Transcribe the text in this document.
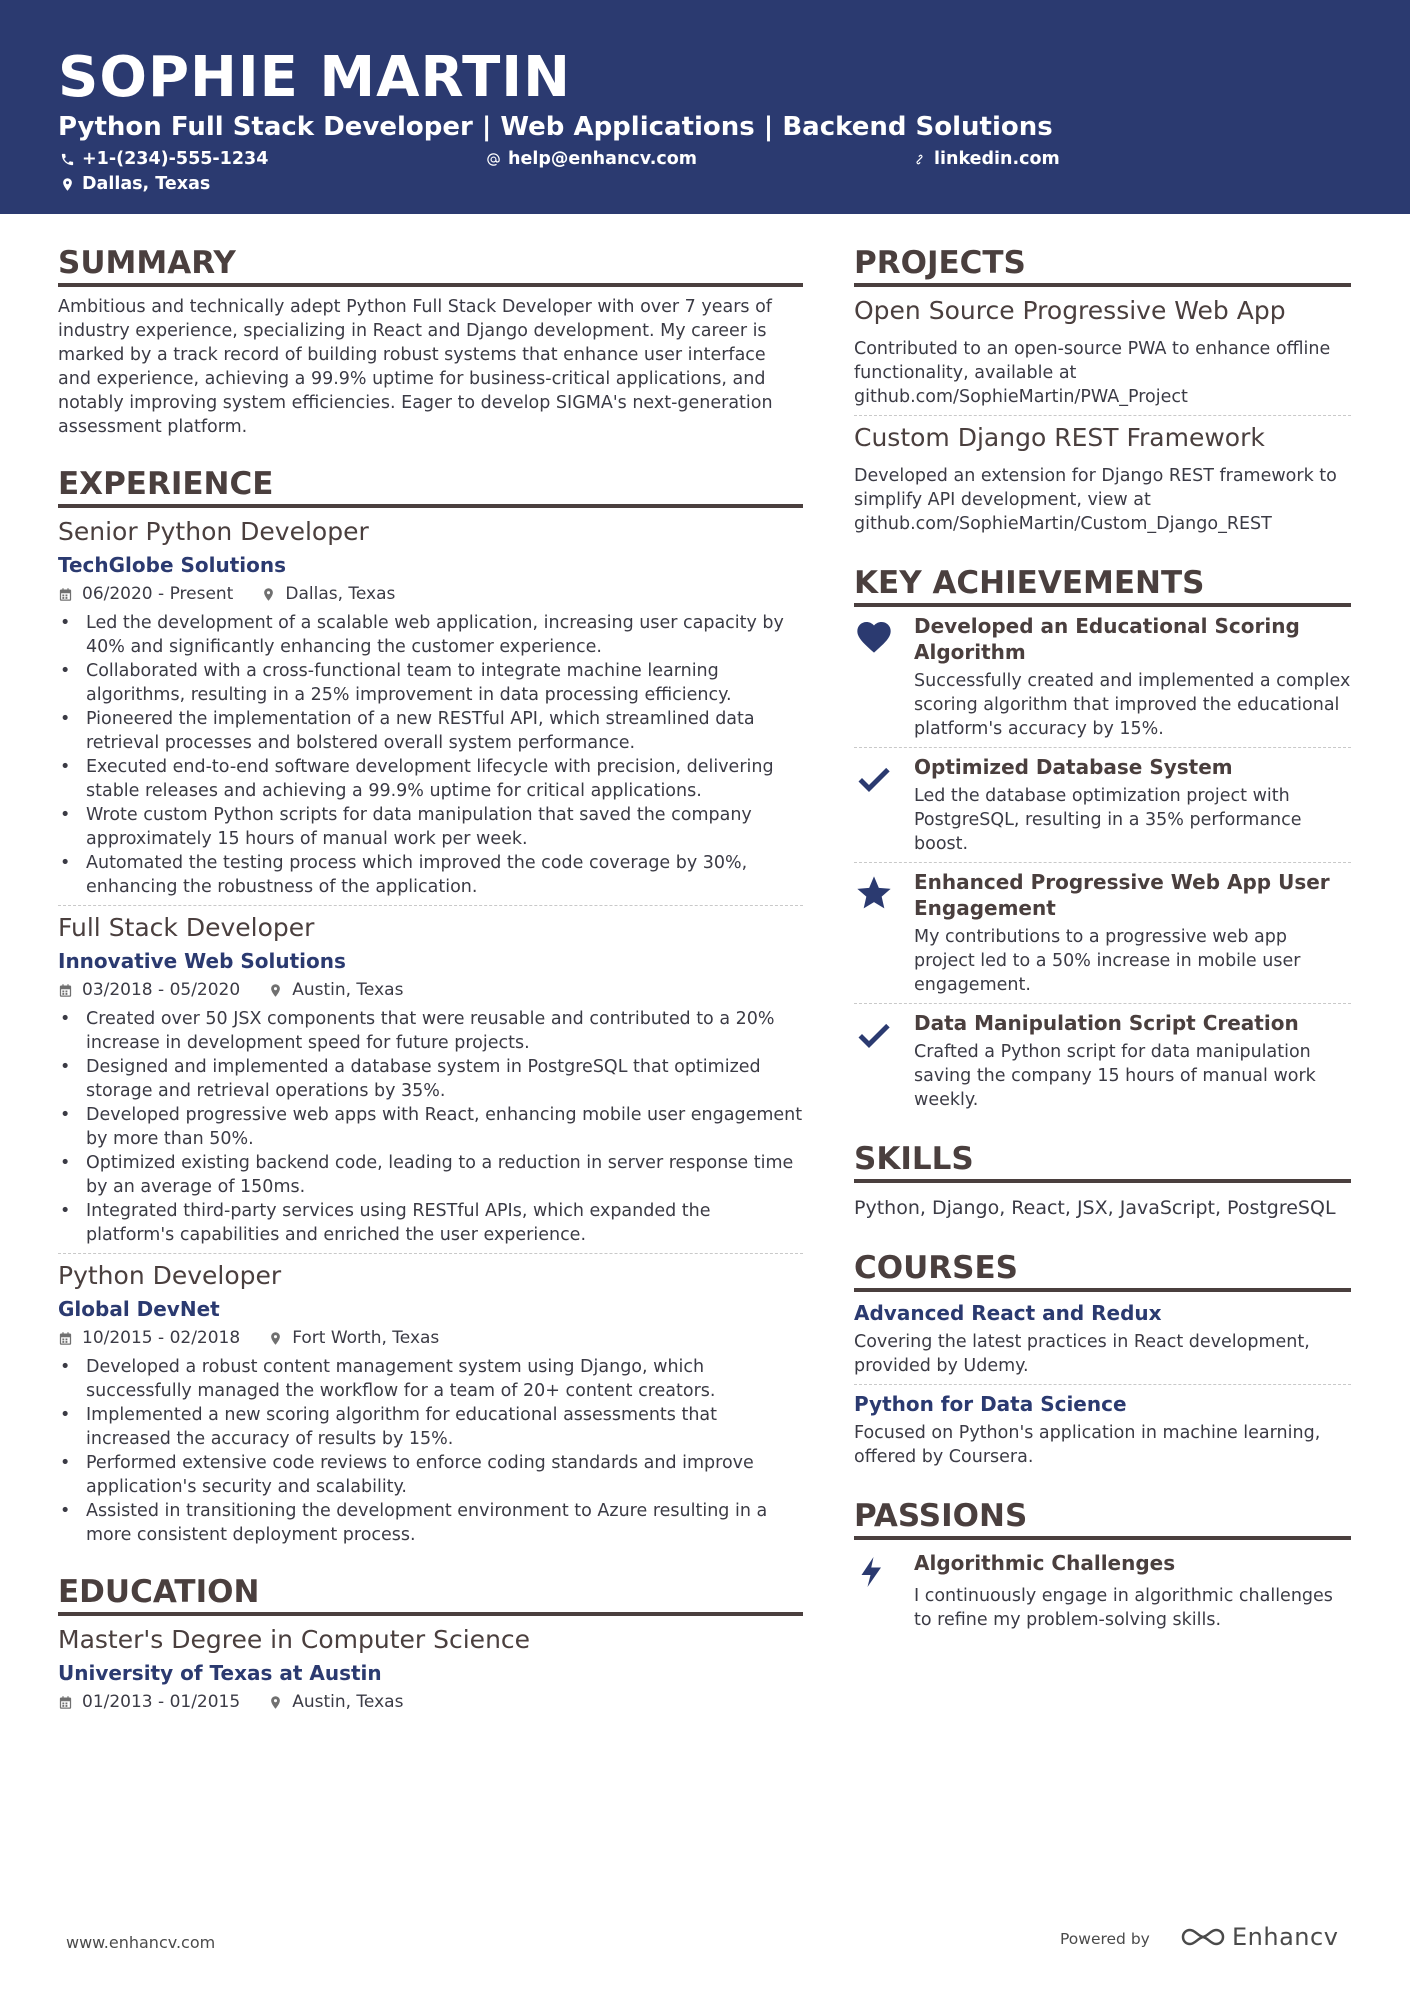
SOPHIE MARTIN
Python Full Stack Developer | Web Applications | Backend Solutions
+1-(234)-555-1234	help@enhancv.com	linkedin.com
Dallas, Texas
SUMMARY

Ambitious and technically adept Python Full Stack Developer with over 7 years of industry experience, specializing in React and Django development. My career is marked by a track record of building robust systems that enhance user interface and experience, achieving a 99.9% uptime for business-critical applications, and notably improving system efficiencies. Eager to develop SIGMA's next-generation assessment platform.

EXPERIENCE
Senior Python Developer
TechGlobe Solutions
06/2020 - Present	Dallas, Texas
• Led the development of a scalable web application, increasing user capacity by 40% and significantly enhancing the customer experience.
• Collaborated with a cross-functional team to integrate machine learning algorithms, resulting in a 25% improvement in data processing efficiency.
• Pioneered the implementation of a new RESTful API, which streamlined data retrieval processes and bolstered overall system performance.
• Executed end-to-end software development lifecycle with precision, delivering stable releases and achieving a 99.9% uptime for critical applications.
• Wrote custom Python scripts for data manipulation that saved the company approximately 15 hours of manual work per week.
• Automated the testing process which improved the code coverage by 30%, enhancing the robustness of the application.
Full Stack Developer
Innovative Web Solutions
03/2018 - 05/2020	Austin, Texas
• Created over 50 JSX components that were reusable and contributed to a 20% increase in development speed for future projects.
• Designed and implemented a database system in PostgreSQL that optimized storage and retrieval operations by 35%.
• Developed progressive web apps with React, enhancing mobile user engagement by more than 50%.
• Optimized existing backend code, leading to a reduction in server response time by an average of 150ms.
• Integrated third-party services using RESTful APIs, which expanded the platform's capabilities and enriched the user experience.
Python Developer
Global DevNet
10/2015 - 02/2018	Fort Worth, Texas
• Developed a robust content management system using Django, which successfully managed the workflow for a team of 20+ content creators.
• Implemented a new scoring algorithm for educational assessments that increased the accuracy of results by 15%.
• Performed extensive code reviews to enforce coding standards and improve application's security and scalability.
• Assisted in transitioning the development environment to Azure resulting in a more consistent deployment process.
EDUCATION
Master's Degree in Computer Science
University of Texas at Austin
01/2013 - 01/2015	Austin, Texas
PROJECTS
Open Source Progressive Web App

Contributed to an open-source PWA to enhance offline functionality, available at github.com/SophieMartin/PWA_Project

Custom Django REST Framework

Developed an extension for Django REST framework to simplify API development, view at github.com/SophieMartin/Custom_Django_REST

KEY ACHIEVEMENTS

Developed an Educational Scoring Algorithm

Successfully created and implemented a complex scoring algorithm that improved the educational platform's accuracy by 15%.

Optimized Database System

Led the database optimization project with PostgreSQL, resulting in a 35% performance boost.

Enhanced Progressive Web App User Engagement

My contributions to a progressive web app project led to a 50% increase in mobile user engagement.

Data Manipulation Script Creation

Crafted a Python script for data manipulation saving the company 15 hours of manual work weekly.

SKILLS

Python, Django, React, JSX, JavaScript, PostgreSQL

COURSES
Advanced React and Redux

Covering the latest practices in React development, provided by Udemy.

Python for Data Science

Focused on Python's application in machine learning, offered by Coursera.

PASSIONS

Algorithmic Challenges

I continuously engage in algorithmic challenges to refine my problem-solving skills.

www.enhancv.com	Powered by	Enhancv
